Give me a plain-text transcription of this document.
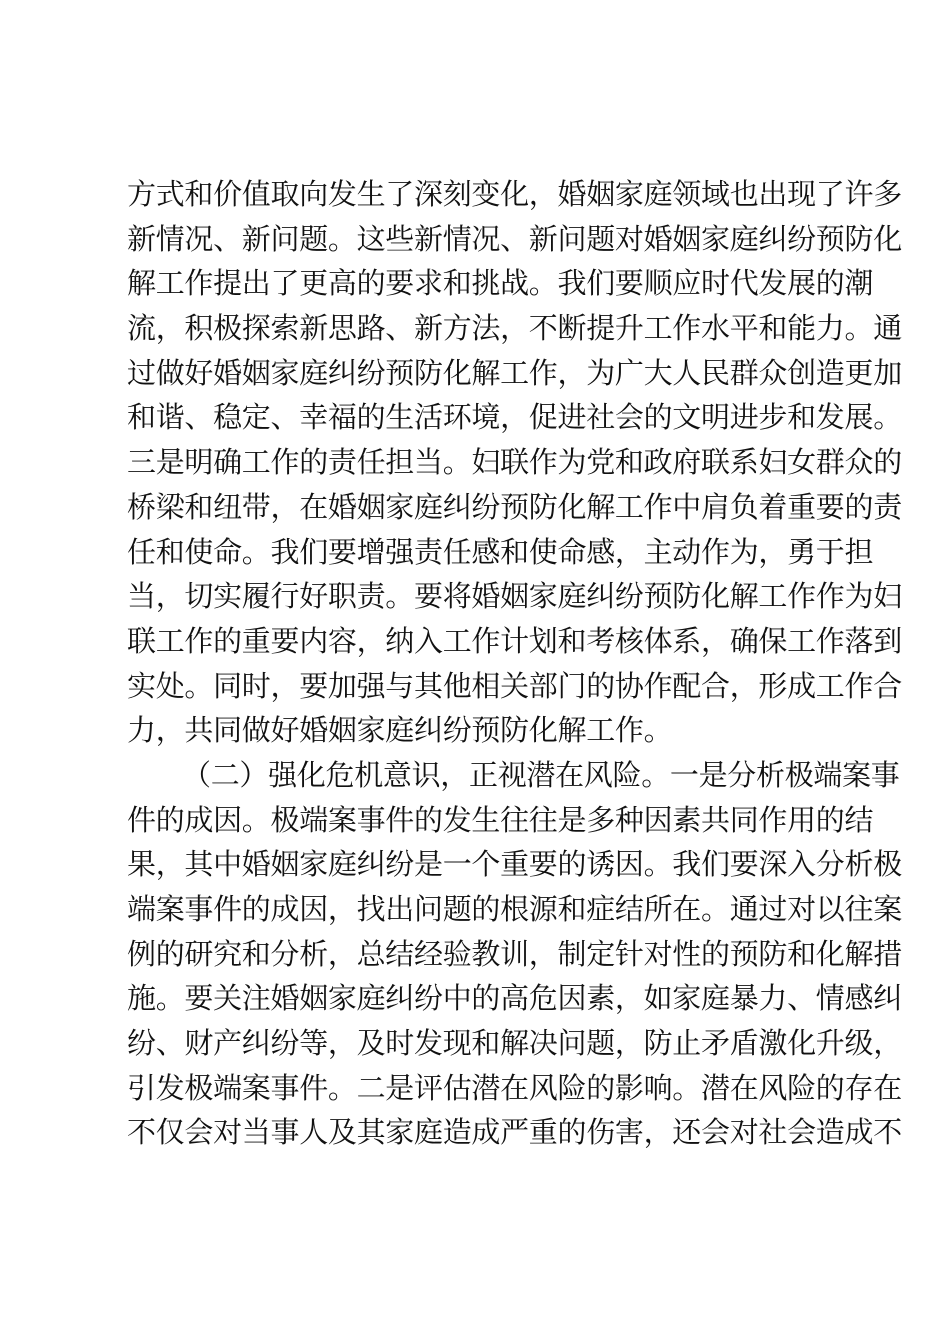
方式和价值取向发生了深刻变化，婚姻家庭领域也出现了许多
新情况、新问题。这些新情况、新问题对婚姻家庭纠纷预防化
解工作提出了更高的要求和挑战。我们要顺应时代发展的潮
流，积极探索新思路、新方法，不断提升工作水平和能力。通
过做好婚姻家庭纠纷预防化解工作，为广大人民群众创造更加
和谐、稳定、幸福的生活环境，促进社会的文明进步和发展。
三是明确工作的责任担当。妇联作为党和政府联系妇女群众的
桥梁和纽带，在婚姻家庭纠纷预防化解工作中肩负着重要的责
任和使命。我们要增强责任感和使命感，主动作为，勇于担
当，切实履行好职责。要将婚姻家庭纠纷预防化解工作作为妇
联工作的重要内容，纳入工作计划和考核体系，确保工作落到
实处。同时，要加强与其他相关部门的协作配合，形成工作合
力，共同做好婚姻家庭纠纷预防化解工作。
（二）强化危机意识，正视潜在风险。一是分析极端案事
件的成因。极端案事件的发生往往是多种因素共同作用的结
果，其中婚姻家庭纠纷是一个重要的诱因。我们要深入分析极
端案事件的成因，找出问题的根源和症结所在。通过对以往案
例的研究和分析，总结经验教训，制定针对性的预防和化解措
施。要关注婚姻家庭纠纷中的高危因素，如家庭暴力、情感纠
纷、财产纠纷等，及时发现和解决问题，防止矛盾激化升级，
引发极端案事件。二是评估潜在风险的影响。潜在风险的存在
不仅会对当事人及其家庭造成严重的伤害，还会对社会造成不
